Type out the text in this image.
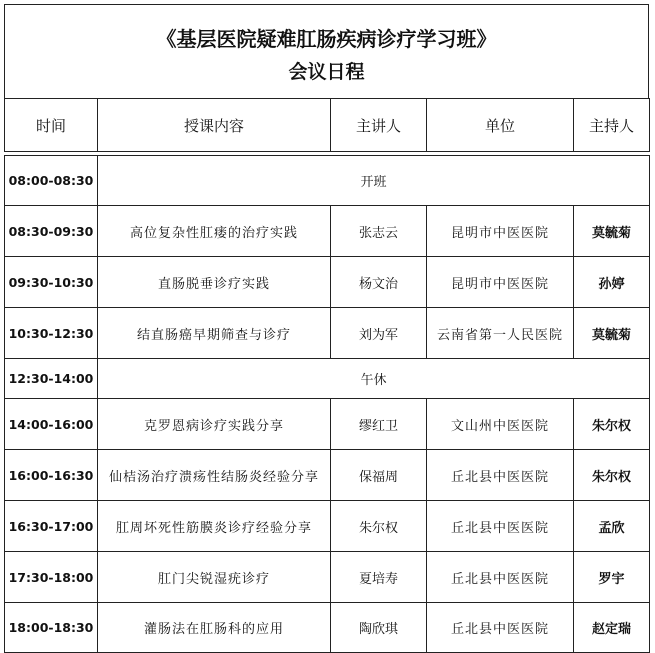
《基层医院疑难肛肠疾病诊疗学习班》
会议日程
时间	授课内容	主讲人	单位	主持人

08:00-08:30	开班			
08:30-09:30	高位复杂性肛瘘的治疗实践	张志云	昆明市中医医院	莫毓菊
09:30-10:30	直肠脱垂诊疗实践	杨文治	昆明市中医医院	孙婷
10:30-12:30	结直肠癌早期筛查与诊疗	刘为军	云南省第一人民医院	莫毓菊
12:30-14:00	午休			
14:00-16:00	克罗恩病诊疗实践分享	缪红卫	文山州中医医院	朱尔权
16:00-16:30	仙桔汤治疗溃疡性结肠炎经验分享	保福周	丘北县中医医院	朱尔权
16:30-17:00	肛周坏死性筋膜炎诊疗经验分享	朱尔权	丘北县中医医院	孟欣
17:30-18:00	肛门尖锐湿疣诊疗	夏培寿	丘北县中医医院	罗宇
18:00-18:30	灌肠法在肛肠科的应用	陶欣琪	丘北县中医医院	赵定瑞
